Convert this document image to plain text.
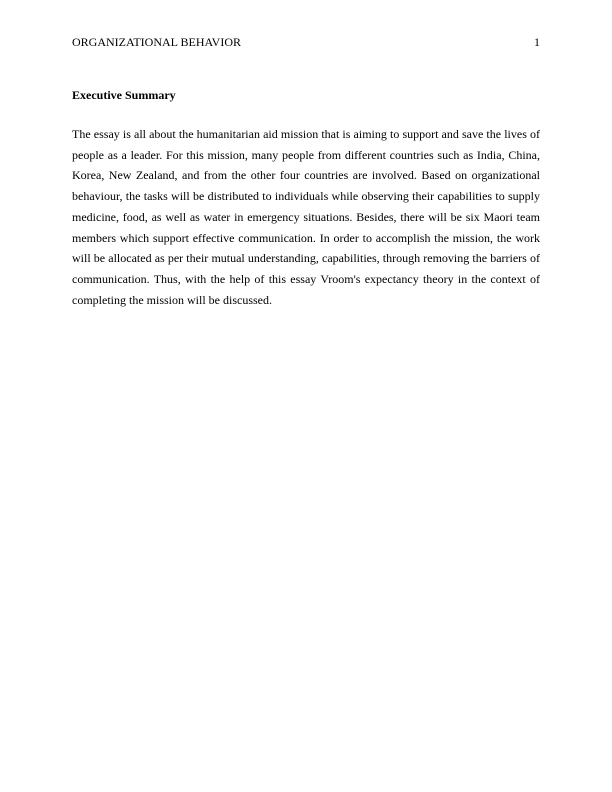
ORGANIZATIONAL BEHAVIOR	1
Executive Summary

The essay is all about the humanitarian aid mission that is aiming to support and save the lives of people as a leader. For this mission, many people from different countries such as India, China, Korea, New Zealand, and from the other four countries are involved. Based on organizational behaviour, the tasks will be distributed to individuals while observing their capabilities to supply medicine, food, as well as water in emergency situations. Besides, there will be six Maori team members which support effective communication. In order to accomplish the mission, the work will be allocated as per their mutual understanding, capabilities, through removing the barriers of communication. Thus, with the help of this essay Vroom's expectancy theory in the context of completing the mission will be discussed.
